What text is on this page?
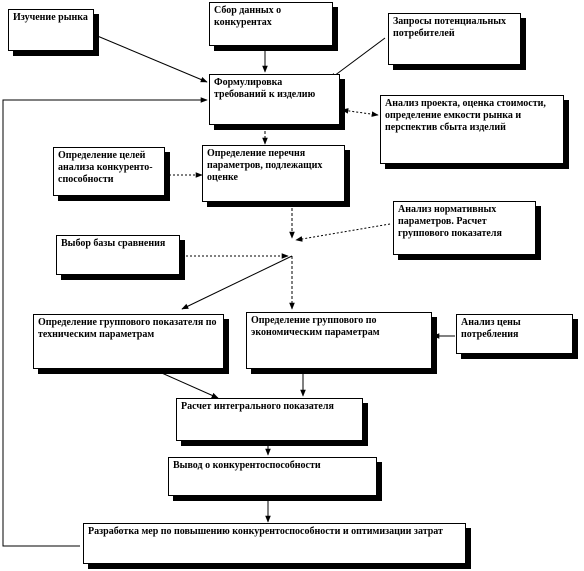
Изучение рынка
Сбор данных о конкурентах	Запросы потенциальных потребителей
Формулировка требований к изделию
Анализ проекта, оценка стоимости, определение емкости рынка и перспектив сбыта изделий
Определение целей анализа конкуренто-способности
Определение перечня параметров, подлежащих оценке
Анализ нормативных параметров. Расчет группового показателя
Выбор базы сравнения
Определение группового показателя по техническим параметрам
Определение группового по экономическим параметрам
Анализ цены потребления
Расчет интегрального показателя
Вывод о конкурентоспособности
Разработка мер по повышению конкурентоспособности и оптимизации затрат
